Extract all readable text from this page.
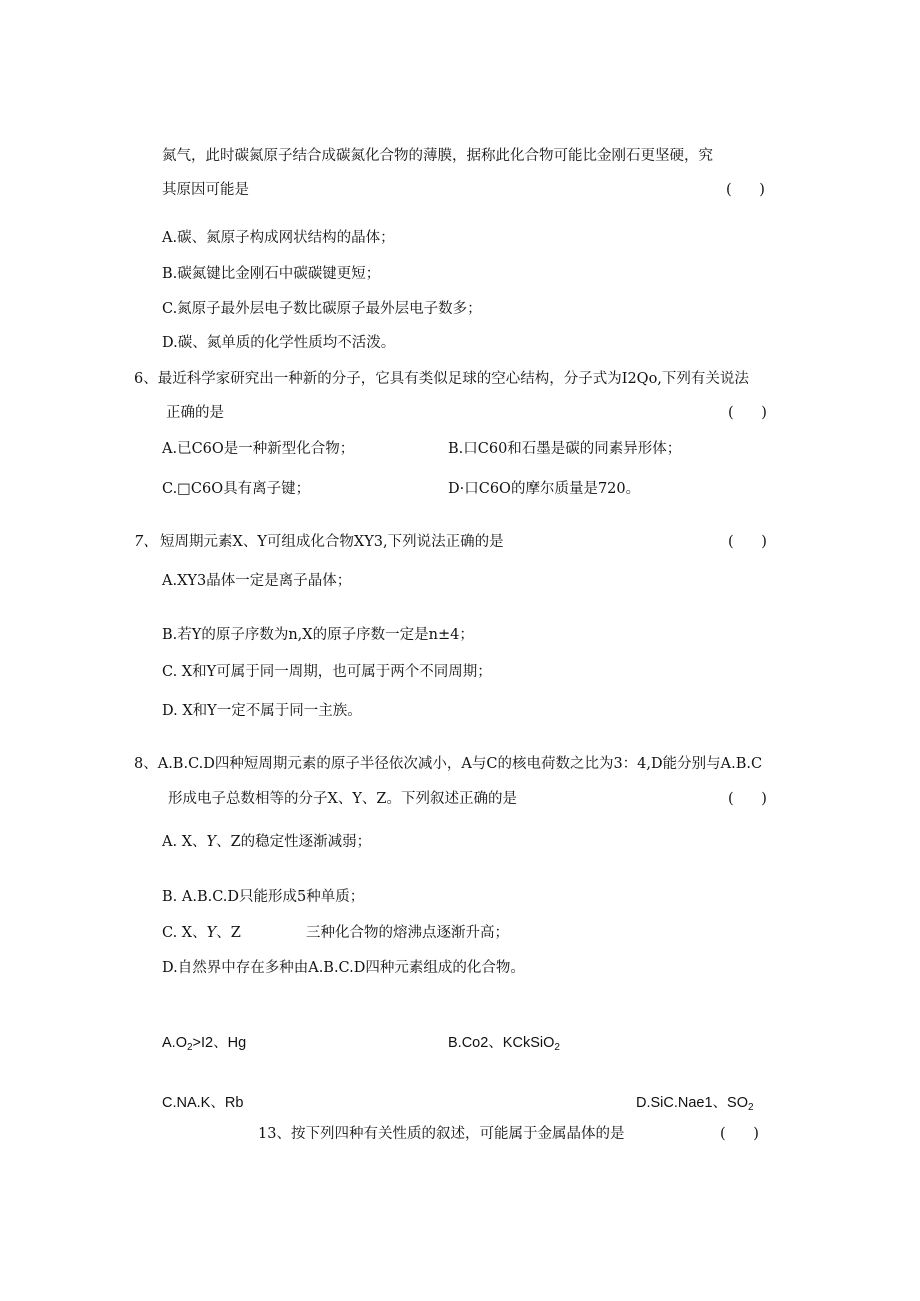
氮气，此时碳氮原子结合成碳氮化合物的薄膜，据称此化合物可能比金刚石更坚硬，究
其原因可能是	(      )
A.碳、氮原子构成网状结构的晶体；
B.碳氮键比金刚石中碳碳键更短；
C.氮原子最外层电子数比碳原子最外层电子数多；
D.碳、氮单质的化学性质均不活泼。
6、最近科学家研究出一种新的分子，它具有类似足球的空心结构，分子式为I2Qo,下列有关说法
正确的是	(      )
A.已C6O是一种新型化合物；	B.口C60和石墨是碳的同素异形体；
C.□C6O具有离子键；	D·口C6O的摩尔质量是720。
7、 短周期元素X、Y可组成化合物XY3,下列说法正确的是	(      )
A.XY3晶体一定是离子晶体；
B.若Y的原子序数为n,X的原子序数一定是n±4；
C. X和Y可属于同一周期，也可属于两个不同周期；
D. X和Y一定不属于同一主族。
8、A.B.C.D四种短周期元素的原子半径依次减小，A与C的核电荷数之比为3：4,D能分别与A.B.C
形成电子总数相等的分子X、Y、Z。下列叙述正确的是	(      )
A. X、Y、Z的稳定性逐渐减弱；
B. A.B.C.D只能形成5种单质；
C. X、Y、Z	三种化合物的熔沸点逐渐升高；
D.自然界中存在多种由A.B.C.D四种元素组成的化合物。
$A.O_2>I2$、Hg	B.Co2、KCkSiO$_2$
C.NA.K、Rb	D.SiC.Nae1、$SO_2$
13、按下列四种有关性质的叙述，可能属于金属晶体的是	(      )
